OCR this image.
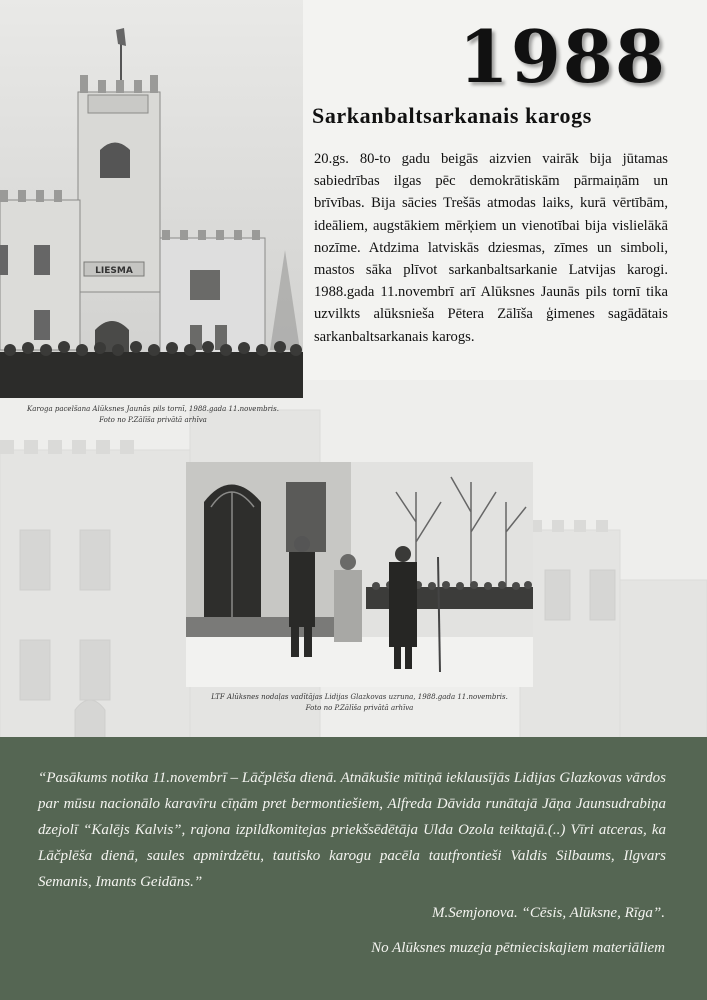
LIESMA
Karoga pacelšana Alūksnes Jaunās pils tornī, 1988.gada 11.novembris.
Foto no P.Zālīša privātā arhīva
1988
Sarkanbaltsarkanais karogs
20.gs. 80-to gadu beigās aizvien vairāk bija jūtamas sabiedrības ilgas pēc demokrātiskām pārmaiņām un brīvības. Bija sācies Trešās atmodas laiks, kurā vērtībām, ideāliem, augstākiem mērķiem un vienotībai bija vislielākā nozīme. Atdzima latviskās dziesmas, zīmes un simboli, mastos sāka plīvot sarkanbaltsarkanie Latvijas karogi. 1988.gada 11.novembrī arī Alūksnes Jaunās pils tornī tika uzvilkts alūksnieša Pētera Zālīša ģimenes sagādātais sarkanbaltsarkanais karogs.
LTF Alūksnes nodaļas vadītājas Lidijas Glazkovas uzruna, 1988.gada 11.novembris.
Foto no P.Zālīša privātā arhīva
“Pasākums notika 11.novembrī – Lāčplēša dienā. Atnākušie mītiņā ieklausījās Lidijas Glazkovas vārdos par mūsu nacionālo karavīru cīņām pret bermontiešiem, Alfreda Dāvida runātajā Jāņa Jaunsudrabiņa dzejolī “Kalējs Kalvis”, rajona izpildkomitejas priekšsēdētāja Ulda Ozola teiktajā.(..) Vīri atceras, ka Lāčplēša dienā, saules apmirdzētu, tautisko karogu pacēla tautfrontieši Valdis Silbaums, Ilgvars Semanis, Imants Geidāns.”
M.Semjonova. “Cēsis, Alūksne, Rīga”.
No Alūksnes muzeja pētnieciskajiem materiāliem
